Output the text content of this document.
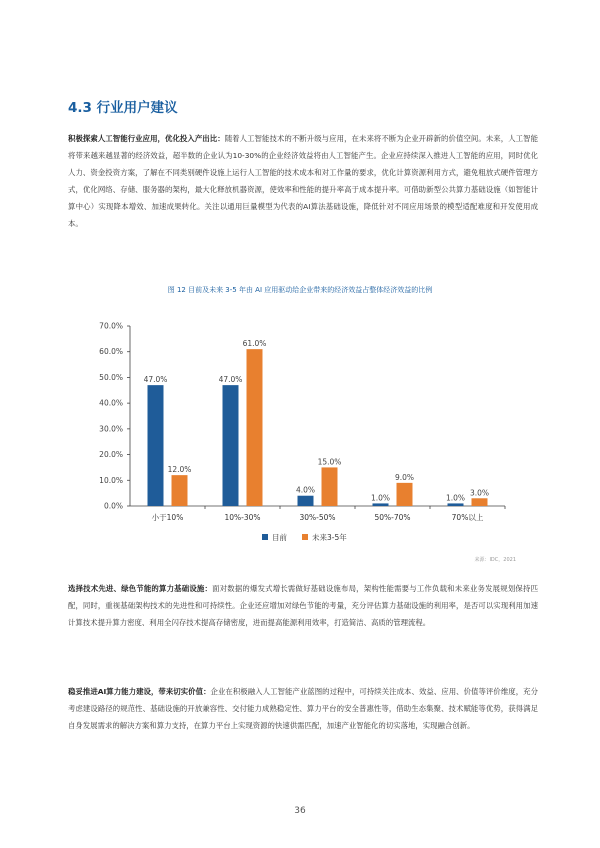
4.3 行业用户建议

积极探索人工智能行业应用，优化投入产出比：随着人工智能技术的不断升级与应用，在未来将不断为企业开辟新的价值空间。未来，人工智能将带来越来越显著的经济效益，超半数的企业认为10-30%的企业经济效益将由人工智能产生。企业应持续深入推进人工智能的应用，同时优化人力、资金投资方案，了解在不同类别硬件设施上运行人工智能的技术成本和对工作量的要求，优化计算资源利用方式，避免粗放式硬件管理方式，优化网络、存储、服务器的架构，最大化释放机器资源，使效率和性能的提升率高于成本提升率。可借助新型公共算力基础设施（如智能计算中心）实现降本增效、加速成果转化。关注以通用巨量模型为代表的AI算法基础设施，降低针对不同应用场景的模型适配难度和开发使用成本。

图 12 目前及未来 3-5 年由 AI 应用驱动给企业带来的经济效益占整体经济效益的比例
0.0%
10.0%
20.0%
30.0%
40.0%
50.0%
60.0%
70.0%
47.0%
12.0%
小于10%
47.0%
61.0%
10%-30%
4.0%
15.0%
30%-50%
1.0%
9.0%
50%-70%
1.0%
3.0%
70%以上
目前	未来3-5年
来源：IDC，2021

选择技术先进、绿色节能的算力基础设施：面对数据的爆发式增长需做好基础设施布局，架构性能需要与工作负载和未来业务发展规划保持匹配，同时，重视基础架构技术的先进性和可持续性。企业还应增加对绿色节能的考量，充分评估算力基础设施的利用率，是否可以实现利用加速计算技术提升算力密度、利用全闪存技术提高存储密度，进而提高能源利用效率，打造简洁、高质的管理流程。

稳妥推进AI算力能力建设，带来切实价值：企业在积极融入人工智能产业蓝图的过程中，可持续关注成本、效益、应用、价值等评价维度，充分考虑建设路径的规范性、基础设施的开放兼容性、交付能力成熟稳定性、算力平台的安全普惠性等，借助生态集聚、技术赋能等优势，获得满足自身发展需求的解决方案和算力支持，在算力平台上实现资源的快速供需匹配，加速产业智能化的切实落地，实现融合创新。

36
